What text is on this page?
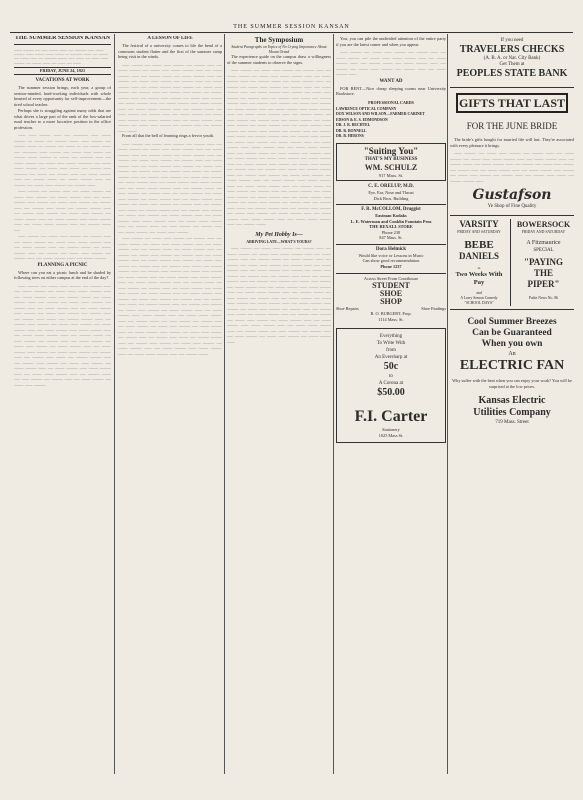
THE SUMMER SESSION KANSAN
THE SUMMER SESSION KANSAN
_____ _______ ___ ____ ______ _____ ___ ________ ____ _____ _______ _____ ______ _____ ______ __ ________ _____ ___ ______ ___ ______ ____ ___ ________ ______ ____ _____ ___ _____ _____ _______ ___ ______ _____ ___ _____ ___ _____
FRIDAY, JUNE 24, 1921
VACATIONS AT WORK

The summer session brings, each year, a group of serious-minded, hard-working individuals with whole hearted of every opportunity for self-improvement—the tired school teacher.

Perhaps she is struggling against many odds that are what drives a large part of the rank of the low-salaried rural teacher to a more lucrative position in the office profession.

____ ____ ______ ____ ___ ________ ____ _____ ______ __ _____ ___ ______ _____ ____ ______ ___ ______ _____ __ ______ ___ _____ __ ___ _____ _____ ___ ________ ____ ______ ___ _____ ____ _____ ___ ______ _____ ______ __ _____ ___ _______ ____ ___ _____ ______ ___ _____ ____ _____ ________ ___ _____ _____ ______ ___ _____ ____ _____ ___ ______ ____ _______ ___ _____ ___ ______ ____ ___ _____ ______ ____ ___ ______ _____ ___ _____ ______ ____ ___ ______ ___ _____ ____ ______ ___ ______ ____

____ ______ ___ ______ ____ ___ _____ ______ ___ _____ ____ ______ ___ _____ ______ ____ ___ _____ ______ ____ ______ ___ _____ ____ ______ ___ ______ ____ ___ ______ ____ _____ ___ ______ ______ ____ ___ ______ ____ ______ ___ _____ ____ ______ ___ _____ ______ ____ ___ _____ ______ ____ _____ ______ ____ ___ _____ _____ ______ ____ ___ ______ _____ ___

____ ______ ___ _____ ____ ______ ___ ______ ____ ___ _____ ______ ___ _____ ____ _____ ______ ____ ___ _____ ______ ____ ___ ______ _____ ___ _____ ______ ____ ___ ______ ___ _____ ____ ______ ___ ______ ____ ___ _____ ______ ____ ___ _____ ______

PLANNING A PICNIC

Where can you eat a picnic lunch and be shaded by following trees on either campus at the end of the day?

____ ______ ___ _____ ____ ______ ___ ______ ____ ___ _____ ______ ___ _____ ____ _____ ______ ____ ___ _____ ______ ____ ___ ______ _____ ___ _____ ______ ____ ___ ______ ___ _____ ____ ______ ___ ______ ____ ___ _____ ______ ____ ___ _____ ______ ____ ______ ___ _____ ____ ______ ___ ______ ____ ___ ______ ____ _____ ___ ______ ______ ____ ___ ______ ____ ______ ___ _____ ____ ______ ___ _____ ______ ____ ___ _____ ______ ____ _____ ______ ____ ___ _____ _____ ______ ____ ___ ______ _____ ___ ____ ______ ___ ______ ____ ___ _____ ______ ___ _____ ____ ______ ___ _____ ______ ____ ___ _____ ______ ____ ______ ___ _____ ____ ______ ___ ______ ____ ___ ______ ____ _____ ___ ______ ______ ____ ___ ______ ____ ______ ___ _____ ____ ______ ___ _____ ______ ____ ___ _____ ______ ____ _____ ______ ____ ___ _____ _____ ______ ____ ___ ______ _____ ___ ____ ______ ___ ______ ____ ___ _____ ______ ___ _____ ____ ______

A LESSON OF LIFE

The festival of a university comes to life the bend of a commons student flatter and the first of the summer camp being visit in the winds.

____ ______ ___ _____ ____ ______ ___ ______ ____ ___ _____ ______ ___ _____ ____ _____ ______ ____ ___ _____ ______ ____ ___ ______ _____ ___ _____ ______ ____ ___ ______ ___ _____ ____ ______ ___ ______ ____ ___ _____ ______ ____ ___ _____ ______ ____ ______ ___ _____ ____ ______ ___ ______ ____ ___ ______ ____ _____ ___ ______ ______ ____ ___ ______ ____ ______ ___ _____ ____ ______ ___ _____ ______ ____ ___ _____ ______ ____ _____ ______ ____ ___ _____ _____ ______ ____ ___ ______ _____ ___ ____ ______ ___ ______ ____ ___ _____ ______ ___ _____ ____ ______ ___ _____ ______ ____ ___ _____ ______ ____ ______ ___ _____ ____ ______ ___ ______ ____ ___ ______ ____ _____

From all that the bell of learning rings a fervor youth.

____ ______ ___ _____ ____ ______ ___ ______ ____ ___ _____ ______ ___ _____ ____ _____ ______ ____ ___ _____ ______ ____ ___ ______ _____ ___ _____ ______ ____ ___ ______ ___ _____ ____ ______ ___ ______ ____ ___ _____ ______ ____ ___ _____ ______ ____ ______ ___ _____ ____ ______ ___ ______ ____ ___ ______ ____ _____ ___ ______ ______ ____ ___ ______ ____ ______ ___ _____ ____ ______ ___ _____ ______ ____ ___ _____ ______ ____ _____ ______ ____ ___ _____ _____ ______ ____ ___ ______ _____ ___ ____ ______ ___ ______ ____ ___ _____ ______ ___ _____ ____ ______ ___ _____ ______ ____ ___ _____ ______ ____ ______ ___ _____ ____ ______ ___ ______ ____ ___ ______ ____ _____ ___ ______ ______ ____ ___ ______ ____ ______ ___ _____ ____ ______ ___ _____ ______ ____ ___ _____ ______ ____ _____ ______ ____ ___ _____ _____ ______ ____ ___ ______ _____ ___ ____ ______ ___ ______ ____ ___ _____ ______ ___ _____ ____ ______

____ ______ ___ _____ ____ ______ ___ ______ ____ ___ _____ ______ ___ _____ ____ _____ ______ ____ ___ _____ ______ ____ ___ ______ _____ ___ _____ ______ ____ ___ ______ ___ _____ ____ ______ ___ ______ ____ ___ _____ ______ ____ ___ _____ ______ ____ ______ ___ _____ ____ ______ ___ ______ ____ ___ ______ ____ _____ ___ ______ ______ ____ ___ ______ ____ ______ ___ _____ ____ ______ ___ _____ ______ ____ ___ _____ ______ ____ _____ ______ ____ ___ _____ _____ ______ ____ ___ ______ _____ ___ ____ ______ ___ ______ ____ ___ _____ ______ ___ _____ ____ ______ ___ _____ ______ ____ ___ _____ ______ ____ ______ ___ _____ ____ ______ ___ ______ ____ ___ ______ ____ _____ ___ ______ ______ ____ ___ ______ ____ ______ ___ _____ ____ ______ ___ _____ ______ ____ ___ _____ ______ ____ _____ ______ ____ ___ _____ _____ ______ ____ ___ ______ _____ ___ ____ ______ ___ ______ ____ ___ _____ ______ ___ _____ ____ ______ ___ _____ ______ ____ ___ _____ ______ ____ ______ ___ _____ ____ ______ ___ ______ ____ ___ ______ ____ _____ ___ ______ ______ ____ ___ ______ ____ ______ ___ _____ ____ ______ ___ _____ ______ ____ ___ _____ ______ ____ _____ ______ ____ ___ _____ _____ ______ ____ ___ ______ _____

The Symposium
Student Paragraphs on Topics of No Crying Importance About Mount Oread

The experience guide on the campus draw a willingness of the summer students to observe the signs.

____ ______ ___ _____ ____ ______ ___ ______ ____ ___ _____ ______ ___ _____ ____ _____ ______ ____ ___ _____ ______ ____ ___ ______ _____ ___ _____ ______ ____ ___ ______ ___ _____ ____ ______ ___ ______ ____ ___ _____ ______ ____ ___ _____ ______ ____ ______ ___ _____ ____ ______ ___ ______ ____ ___ ______ ____ _____ ___ ______ ______ ____ ___ ______ ____ ______ ___ _____ ____ ______ ___ _____ ______ ____ ___ _____ ______ ____ _____ ______ ____ ___ _____ _____ ______ ____ ___ ______ _____ ___ ____ ______ ___ ______ ____ ___ _____ ______ ___ _____ ____ ______ ___ _____ ______ ____ ___ _____ ______ ____ ______ ___ _____ ____ ______ ___ ______ ____ ___ ______ ____ _____ ___ ______ ______ ____ ___ ______ ____ ______ ___ _____ ____ ______ ___ _____ ______ ____ ___ _____ ______ ____ _____ ______ ____ ___ _____ _____ ______ ____ ___ ______ _____ ___ ____ ______ ___ ______ ____ ___ _____ ______ ___ _____ ____ ______ ___ _____ ______ ____ ___ _____ ______ ____ ______ ___ _____ ____ ______ ___ ______ ____ ___ ______ ____ _____ ___ ______ ______ ____ ___ ______ ____ ______ ___ _____ ____ ______ ___ _____ ______ ____ ___ _____ ______ ____ _____ ______ ____ ___ _____ _____ ______ ____ ___ ______ _____ ___ ____ ______ ___ ______ ____ ___ _____ ______ ___ _____ ____ ______ ___ _____ ______ ____ ___ _____ ______ ____ ______ ___ _____ ____ ______ ___ ______ ____ ___ ______ ____ _____ ___ ______ ______ ____ ___ ______ ____ ______ ___ _____ ____ ______ ___ _____ ______ ____ ___ _____ ______ ____ _____ ______ ____ ___ _____ _____ ______ ____ ___ ______ _____

My Pet Hobby Is—
ARRIVING LATE—WHAT'S YOURS?

____ ______ ___ _____ ____ ______ ___ ______ ____ ___ _____ ______ ___ _____ ____ _____ ______ ____ ___ _____ ______ ____ ___ ______ _____ ___ _____ ______ ____ ___ ______ ___ _____ ____ ______ ___ ______ ____ ___ _____ ______ ____ ___ _____ ______ ____ ______ ___ _____ ____ ______ ___ ______ ____ ___ ______ ____ _____ ___ ______ ______ ____ ___ ______ ____ ______ ___ _____ ____ ______ ___ _____ ______ ____ ___ _____ ______ ____ _____ ______ ____ ___ _____ _____ ______ ____ ___ ______ _____ ___ ____ ______ ___ ______ ____ ___ _____ ______ ___ _____ ____ ______ ___ _____ ______ ____ ___ _____ ______ ____ ______ ___ _____ ____ ______ ___ ______ ____ ___ ______ ____ _____ ___ ______ ______ ____ ___ ______ ____ ______ ___ _____ ____ ______ ___ _____ ______ ____ ___ _____ ______ ____ _____ ______ ____ ___ _____ _____ ______ ____ ___ ______ _____ ___ ____ ______ ___ ______ ____ ___ _____ ______ ___ _____ ____ ______ ___ _____ ______ ____

You, you can pile the undivided attention of the entire party if you are the latest comer and when you appear.

____ ______ ___ _____ ____ ______ ___ ______ ____ ___ _____ ______ ___ _____ ____ _____ ______ ____ ___ _____ ______ ____ ___ ______ _____ ___ _____ ______ ____ ___ ______ ___ _____ ____ ______ ___ ______ ____ ___ _____ ______ ____

WANT AD

FOR RENT—Nice cheap sleeping rooms near University Bookstore.

PROFESSIONAL CARDS
LAWRENCE OPTICAL COMPANY
DOX WILSON AND WILSON—FARMER CABINET
EDSON & E. S. EDMONDSON
DR. J. R. BECHTEL
DR. R. BONNELL
DR. B. HERONS
"Suiting You"
THAT'S MY BUSINESS
WM. SCHULZ
917 Mass. St.
C. E. ORELUP, M.D.
Eye, Ear, Nose and Throat
Dick Bros. Building
F. R. McCOLLOM, Druggist
Eastman Kodaks
L. E. Waterman and Conklin Fountain Pens
THE REXALL STORE
Phone 238
847 Mass. St.
Dora Helmick
Would like voice or Lessons in Music
Can show good recommendation
Phone 1237
Across Street From Courthouse
STUDENT
SHOE
SHOP
Shoe Repairs	Shoe Findings
R. O. BURGERT, Prop.
1114 Mass. St.
Everything
To Write With
from
An Eversharp at
50c
to
A Corona at
$50.00
F.I. Carter
Stationery
1025 Mass St.
If you need
TRAVELERS CHECKS
(A. B. A. or Nat. City Bank)
Get Them at
PEOPLES STATE BANK
GIFTS THAT LAST
FOR THE JUNE BRIDE

The bride's gifts bought for married life will last. They're associated with every pleasure it brings.

____ ______ ___ _____ ____ ______ ___ ______ ____ ___ _____ ______ ___ _____ ____ _____ ______ ____ ___ _____ ______ ____ ___ ______ _____ ___ _____ ______ ____ ___ ______ ___ _____ ____ ______ ___ ______ ____ ___ _____ ______ ____ ___ _____ ______ ____ ______ ___ _____ ____ ______ ___ ______ ____ ___ ______ ____ _____ ___ ______ ______ ____

Gustafson
Ye Shop of Fine Quality
VARSITY
FRIDAY AND SATURDAY
BEBE
DANIELS
in
Two Weeks With
Pay
and
A Larry Semon Comedy
"SCHOOL DAYS"
BOWERSOCK
FRIDAY AND SATURDAY
A Fitzmaurice
SPECIAL
"PAYING
THE
PIPER"
Pathe News No. 86
Cool Summer Breezes
Can be Guaranteed
When you own
An
ELECTRIC FAN

Why suffer with the heat when you can enjoy your work? You will be surprised at the low prices.

Kansas Electric
Utilities Company
719 Mass. Street
